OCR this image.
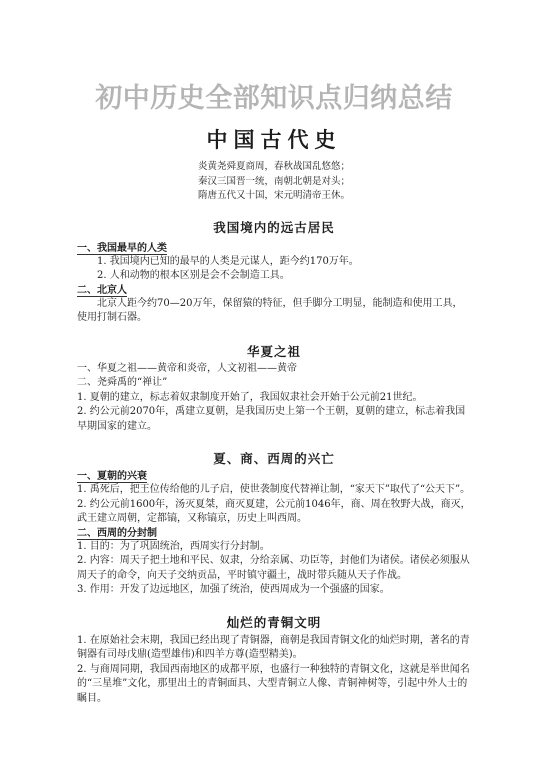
初中历史全部知识点归纳总结
中国古代史

炎黄尧舜夏商周，春秋战国乱悠悠；

秦汉三国晋一统，南朝北朝是对头；

隋唐五代又十国，宋元明清帝王休。

我国境内的远古居民

一、我国最早的人类

1. 我国境内已知的最早的人类是元谋人，距今约170万年。

2. 人和动物的根本区别是会不会制造工具。

二、北京人

北京人距今约70—20万年，保留猿的特征，但手脚分工明显，能制造和使用工具，使用打制石器。

华夏之祖

一、华夏之祖——黄帝和炎帝，人文初祖——黄帝

二、尧舜禹的“禅让”

1. 夏朝的建立，标志着奴隶制度开始了，我国奴隶社会开始于公元前21世纪。

2. 约公元前2070年，禹建立夏朝，是我国历史上第一个王朝，夏朝的建立，标志着我国早期国家的建立。

夏、商、西周的兴亡

一、夏朝的兴衰

1. 禹死后，把王位传给他的儿子启，使世袭制度代替禅让制，“家天下”取代了“公天下”。

2. 约公元前1600年，汤灭夏桀，商灭夏建，公元前1046年，商、周在牧野大战，商灭，武王建立周朝，定都镐，又称镐京，历史上叫西周。

二、西周的分封制

1. 目的：为了巩固统治，西周实行分封制。

2. 内容：周天子把土地和平民、奴隶，分给亲属、功臣等，封他们为诸侯。诸侯必须服从周天子的命令，向天子交纳贡品，平时镇守疆土，战时带兵随从天子作战。

3. 作用：开发了边远地区，加强了统治，使西周成为一个强盛的国家。

灿烂的青铜文明

1. 在原始社会末期，我国已经出现了青铜器，商朝是我国青铜文化的灿烂时期，著名的青铜器有司母戊鼎(造型雄伟)和四羊方尊(造型精美)。

2. 与商周同期，我国西南地区的成都平原，也盛行一种独特的青铜文化，这就是举世闻名的“三星堆”文化，那里出土的青铜面具、大型青铜立人像、青铜神树等，引起中外人士的瞩目。
